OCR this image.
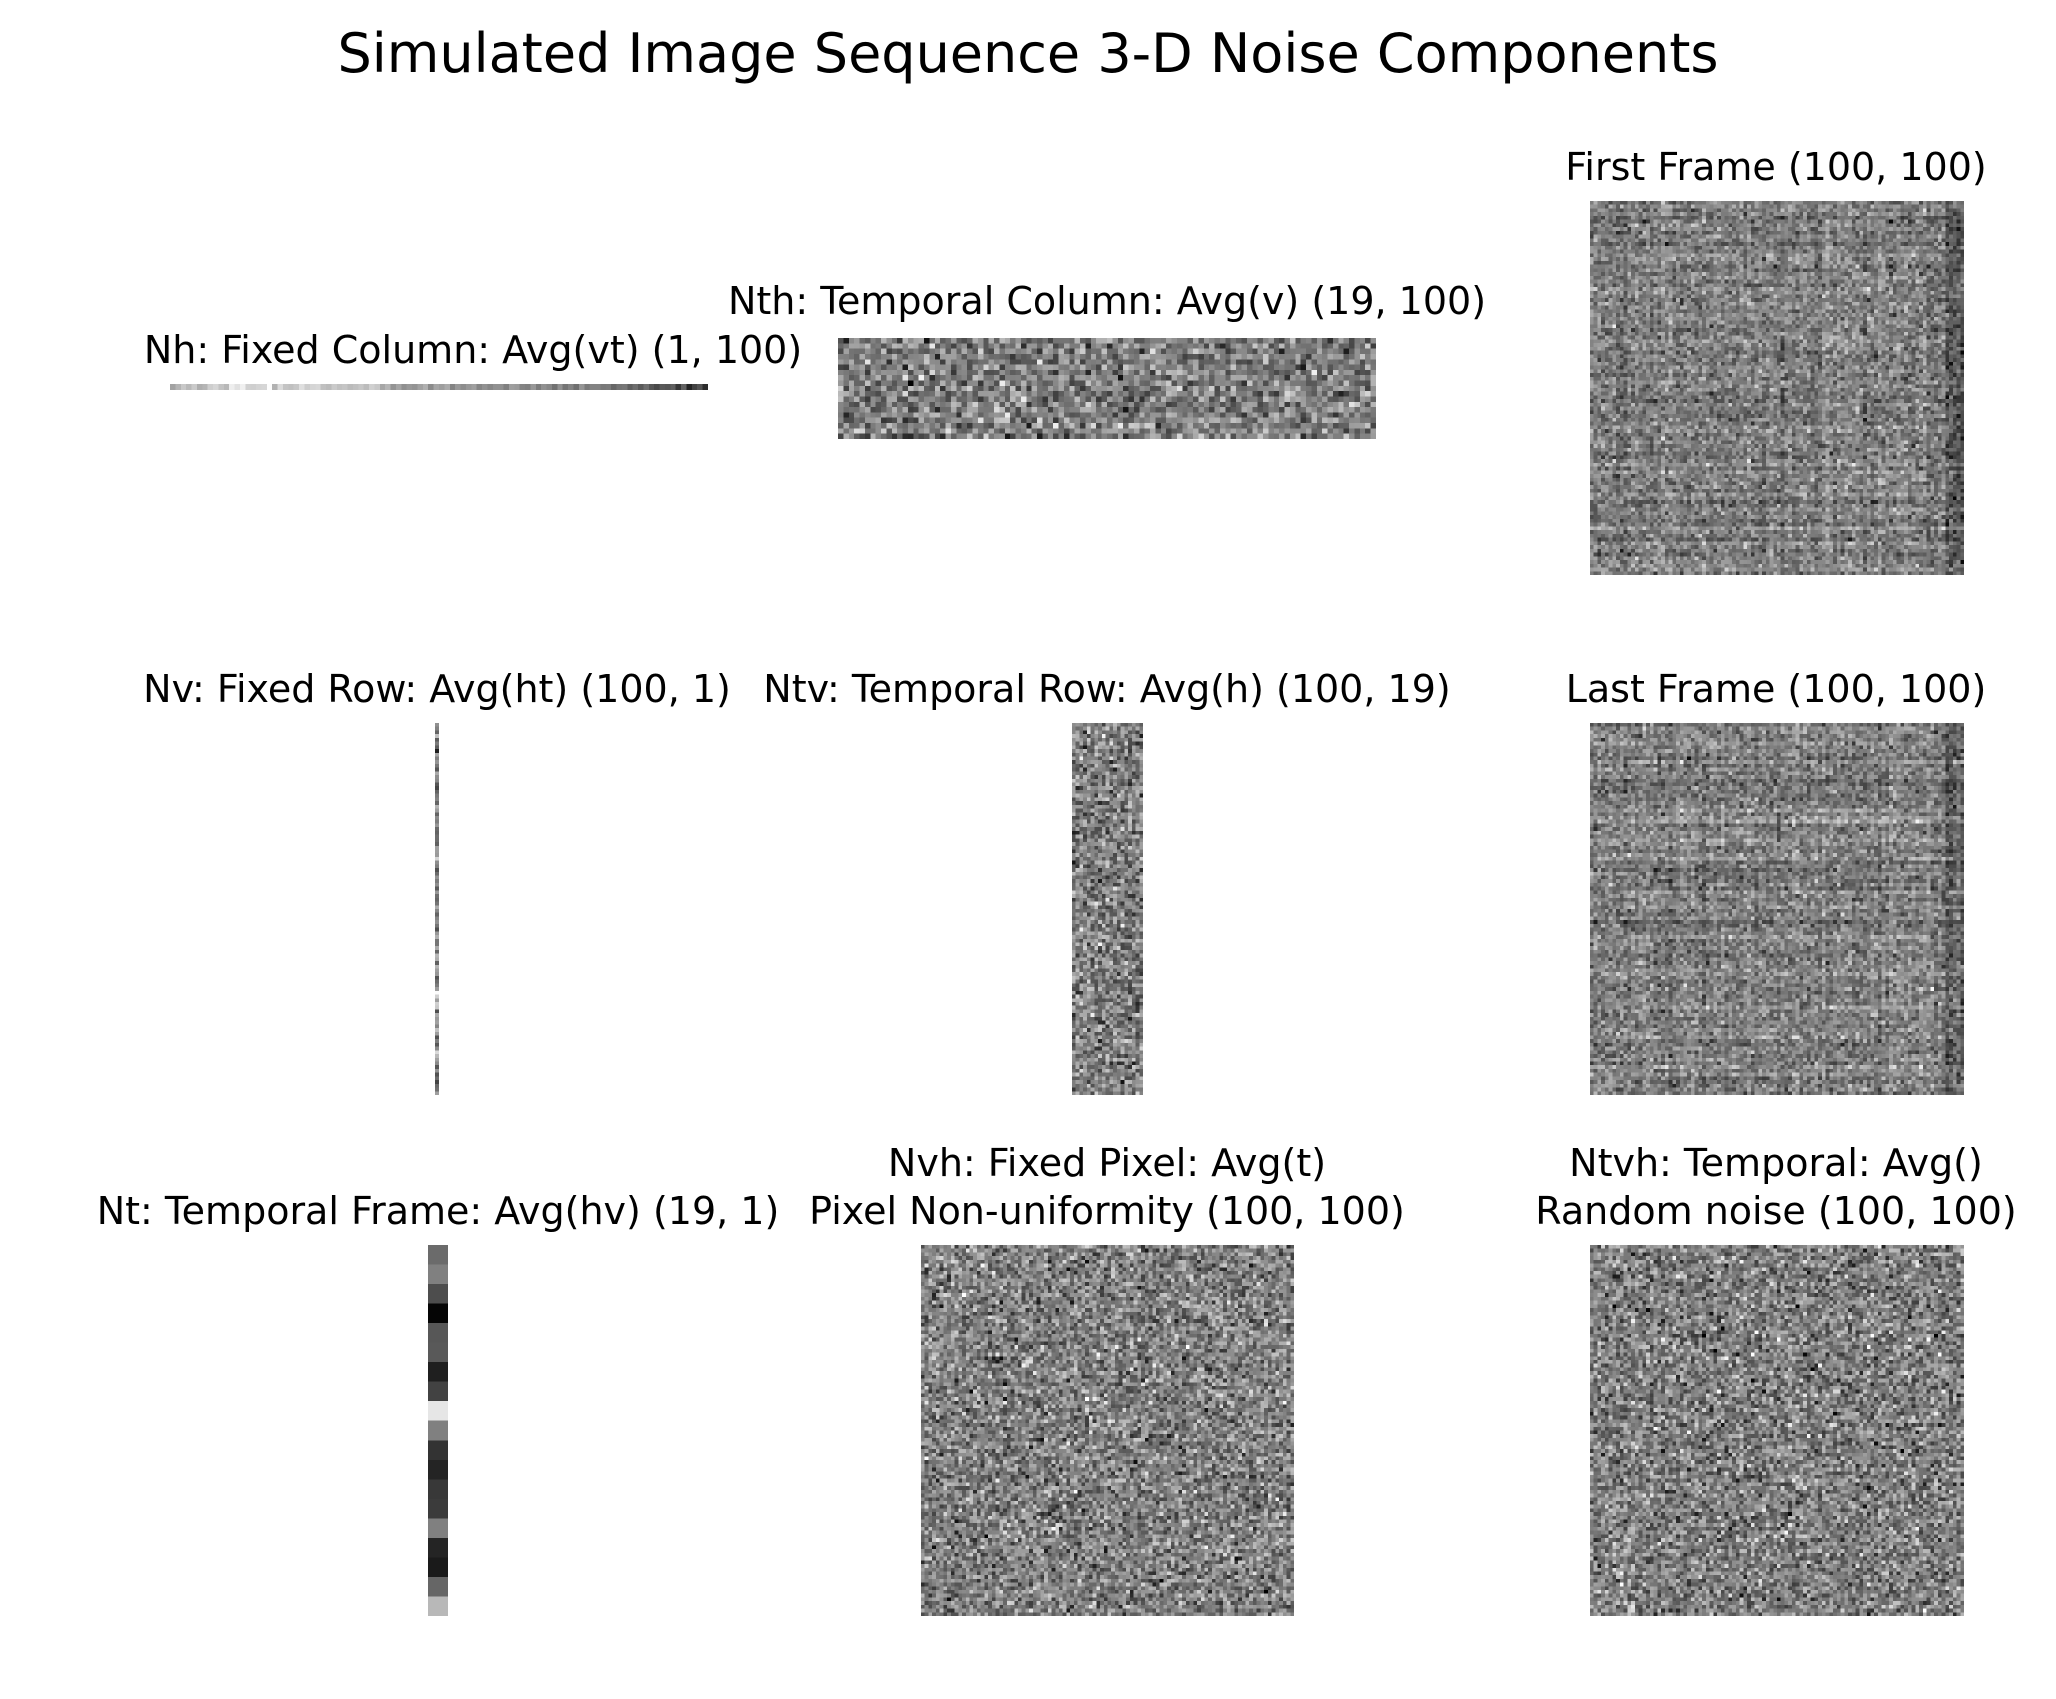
Simulated Image Sequence 3-D Noise Components
Nh: Fixed Column: Avg(vt) (1, 100)
Nth: Temporal Column: Avg(v) (19, 100)
First Frame (100, 100)
Nv: Fixed Row: Avg(ht) (100, 1) Ntv: Temporal Row: Avg(h) (100, 19)	Last Frame (100, 100)
Nt: Temporal Frame: Avg(hv) (19, 1)
Nvh: Fixed Pixel: Avg(t)
Pixel Non-uniformity (100, 100)
Ntvh: Temporal: Avg()
Random noise (100, 100)
